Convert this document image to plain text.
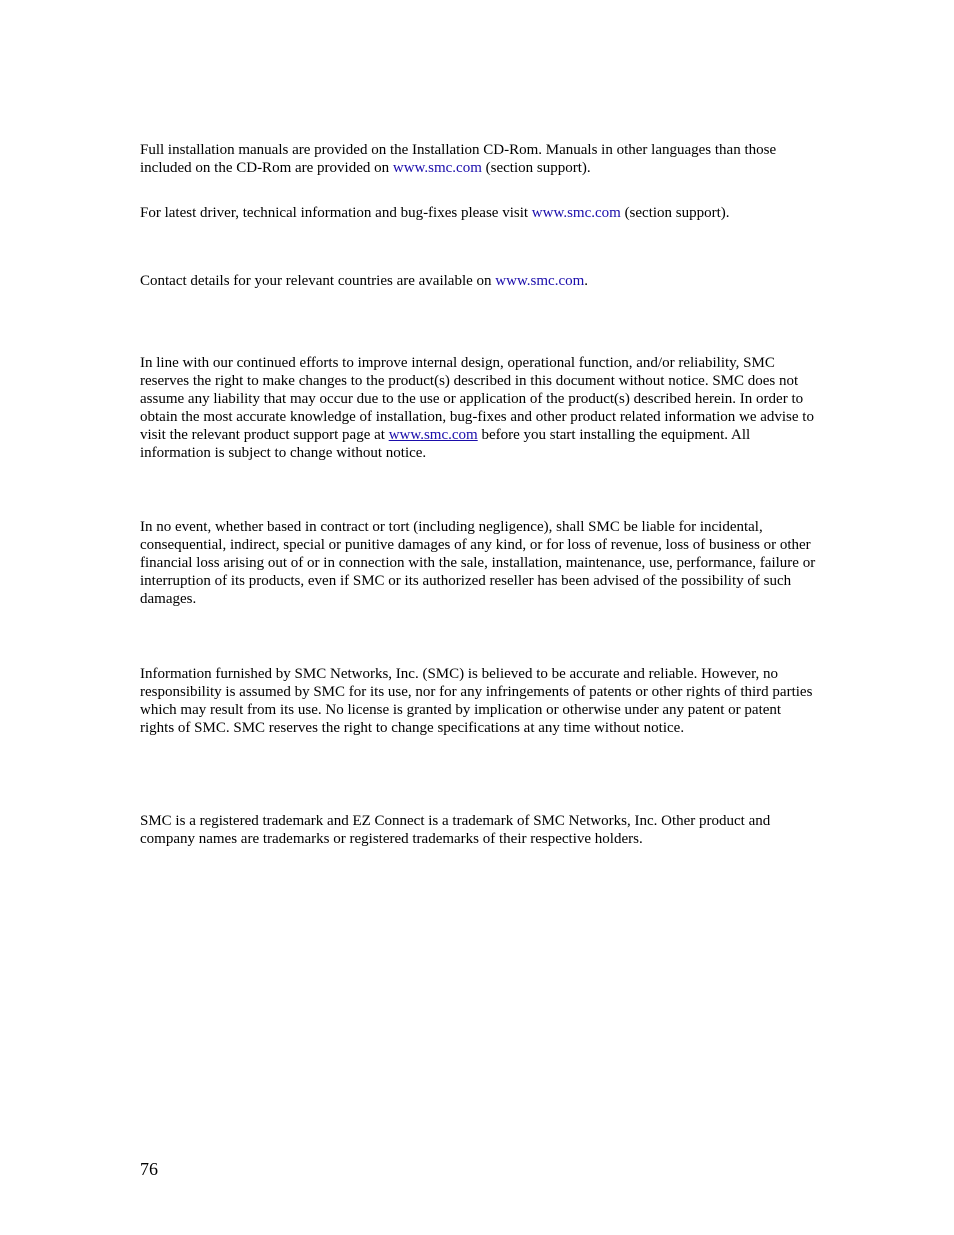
Full installation manuals are provided on the Installation CD-Rom. Manuals in other languages than those included on the CD-Rom are provided on www.smc.com (section support).

For latest driver, technical information and bug-fixes please visit www.smc.com (section support).

Contact details for your relevant countries are available on www.smc.com.

In line with our continued efforts to improve internal design, operational function, and/or reliability, SMC reserves the right to make changes to the product(s) described in this document without notice. SMC does not assume any liability that may occur due to the use or application of the product(s) described herein. In order to obtain the most accurate knowledge of installation, bug-fixes and other product related information we advise to visit the relevant product support page at www.smc.com before you start installing the equipment. All information is subject to change without notice.

In no event, whether based in contract or tort (including negligence), shall SMC be liable for incidental, consequential, indirect, special or punitive damages of any kind, or for loss of revenue, loss of business or other financial loss arising out of or in connection with the sale, installation, maintenance, use, performance, failure or interruption of its products, even if SMC or its authorized reseller has been advised of the possibility of such damages.

Information furnished by SMC Networks, Inc. (SMC) is believed to be accurate and reliable. However, no responsibility is assumed by SMC for its use, nor for any infringements of patents or other rights of third parties which may result from its use. No license is granted by implication or otherwise under any patent or patent rights of SMC. SMC reserves the right to change specifications at any time without notice.

SMC is a registered trademark and EZ Connect is a trademark of SMC Networks, Inc. Other product and company names are trademarks or registered trademarks of their respective holders.

76
